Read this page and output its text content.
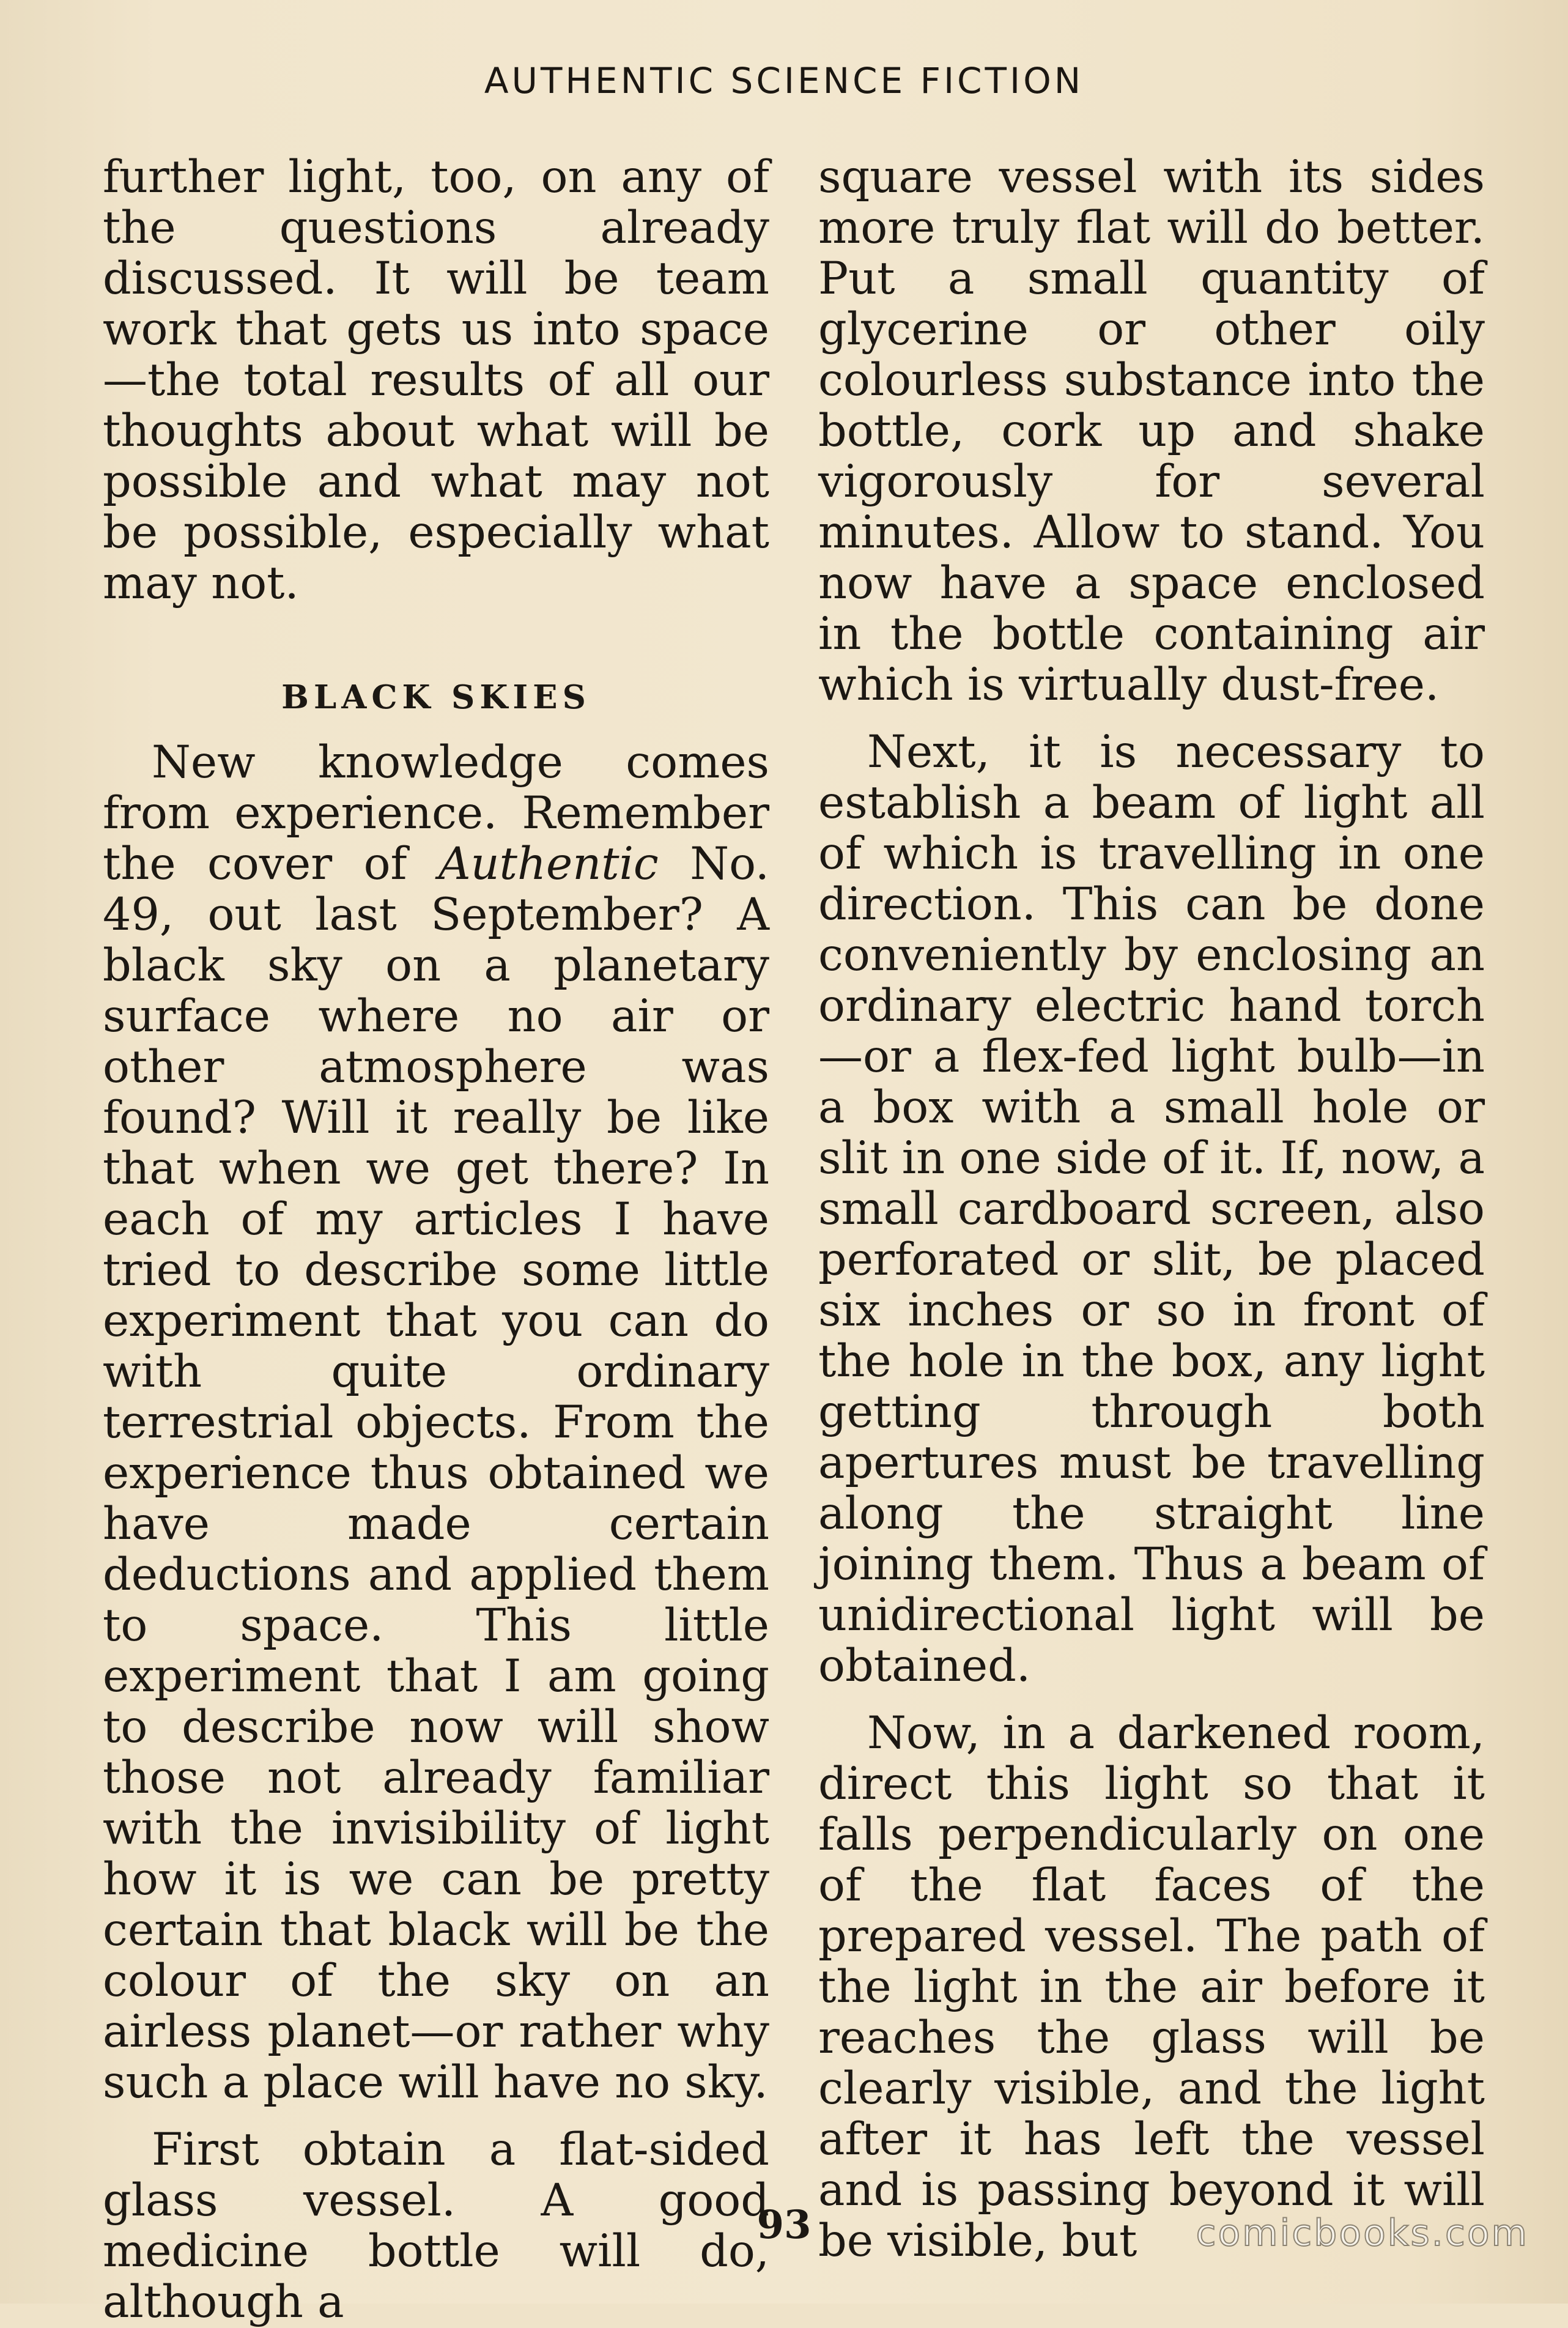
AUTHENTIC SCIENCE FICTION

further light, too, on any of the questions already discussed. It will be team work that gets us into space—the total results of all our thoughts about what will be possible and what may not be possible, especially what may not.

BLACK SKIES

New knowledge comes from experience. Remember the cover of Authentic No. 49, out last September? A black sky on a planetary surface where no air or other atmosphere was found? Will it really be like that when we get there? In each of my articles I have tried to describe some little experiment that you can do with quite ordinary terrestrial objects. From the experience thus obtained we have made certain deductions and applied them to space. This little experiment that I am going to describe now will show those not already familiar with the invisibility of light how it is we can be pretty certain that black will be the colour of the sky on an airless planet—or rather why such a place will have no sky.

First obtain a flat-sided glass vessel. A good medicine bottle will do, although a

square vessel with its sides more truly flat will do better. Put a small quantity of glycerine or other oily colourless substance into the bottle, cork up and shake vigorously for several minutes. Allow to stand. You now have a space enclosed in the bottle containing air which is virtually dust-free.

Next, it is necessary to establish a beam of light all of which is travelling in one direction. This can be done conveniently by enclosing an ordinary electric hand torch—or a flex-fed light bulb—in a box with a small hole or slit in one side of it. If, now, a small cardboard screen, also perforated or slit, be placed six inches or so in front of the hole in the box, any light getting through both apertures must be travelling along the straight line joining them. Thus a beam of unidirectional light will be obtained.

Now, in a darkened room, direct this light so that it falls perpendicularly on one of the flat faces of the prepared vessel. The path of the light in the air before it reaches the glass will be clearly visible, and the light after it has left the vessel and is passing beyond it will be visible, but

93	comicbooks.com
